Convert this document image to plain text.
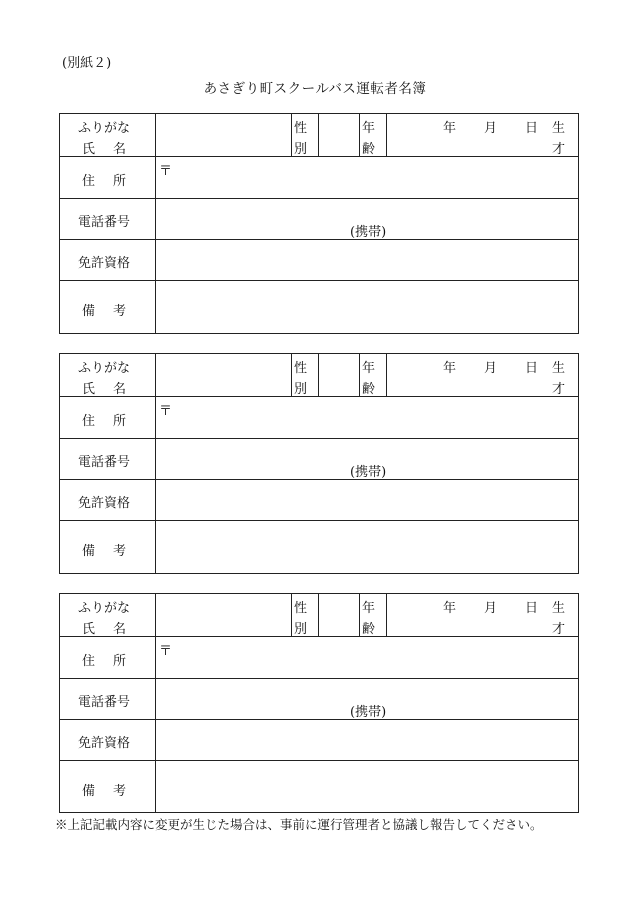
(別紙２)
あさぎり町スクールバス運転者名簿
ふりがな
氏 名
性
別
年
齢
年 月 日 生
才
住 所
〒
電話番号
(携帯)
免許資格
備 考
ふりがな
氏 名
性
別
年
齢
年 月 日 生
才
住 所
〒
電話番号
(携帯)
免許資格
備 考
ふりがな
氏 名
性
別
年
齢
年 月 日 生
才
住 所
〒
電話番号
(携帯)
免許資格
備 考
※上記記載内容に変更が生じた場合は、事前に運行管理者と協議し報告してください。
